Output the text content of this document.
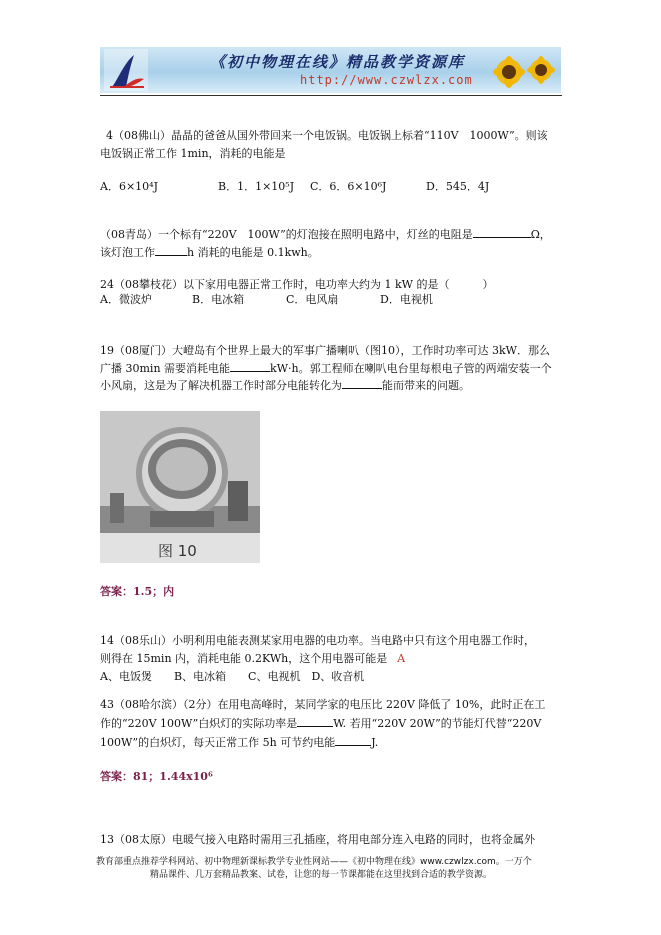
《初中物理在线》精品教学资源库
http://www.czwlzx.com
4（08佛山）晶晶的爸爸从国外带回来一个电饭锅。电饭锅上标着“110V　1000W”。则该
电饭锅正常工作 1min，消耗的电能是
A．6×10⁴J	B．1．1×10⁵J C．6．6×10⁶J	D．545．4J
（08青岛）一个标有“220V　100W”的灯泡接在照明电路中，灯丝的电阻是	Ω，
该灯泡工作	h 消耗的电能是 0.1kwh。
24（08攀枝花）以下家用电器正常工作时，电功率大约为 1 kW 的是（　　　）
A．微波炉	B．电冰箱	C．电风扇	D．电视机
19（08厦门）大嶝岛有个世界上最大的军事广播喇叭（图10），工作时功率可达 3kW．那么
广播 30min 需要消耗电能	kW·h。郭工程师在喇叭电台里每根电子管的两端安装一个
小风扇，这是为了解决机器工作时部分电能转化为	能而带来的问题。
图 10
答案：1.5；内
14（08乐山）小明利用电能表测某家用电器的电功率。当电路中只有这个用电器工作时，
则得在 15min 内，消耗电能 0.2KWh，这个用电器可能是 A
A、电饭煲　　B、电冰箱　　C、电视机　D、收音机
43（08哈尔滨）（2分）在用电高峰时，某同学家的电压比 220V 降低了 10%，此时正在工
作的“220V 100W”白炽灯的实际功率是	W. 若用“220V 20W”的节能灯代替“220V
100W”的白炽灯，每天正常工作 5h 可节约电能	J.
答案：81；1.44x10⁶
13（08太原）电暖气接入电路时需用三孔插座，将用电部分连入电路的同时，也将金属外
教育部重点推荐学科网站、初中物理新课标教学专业性网站——《初中物理在线》www.czwlzx.com。一万个
精品课件、几万套精品教案、试卷，让您的每一节课都能在这里找到合适的教学资源。
